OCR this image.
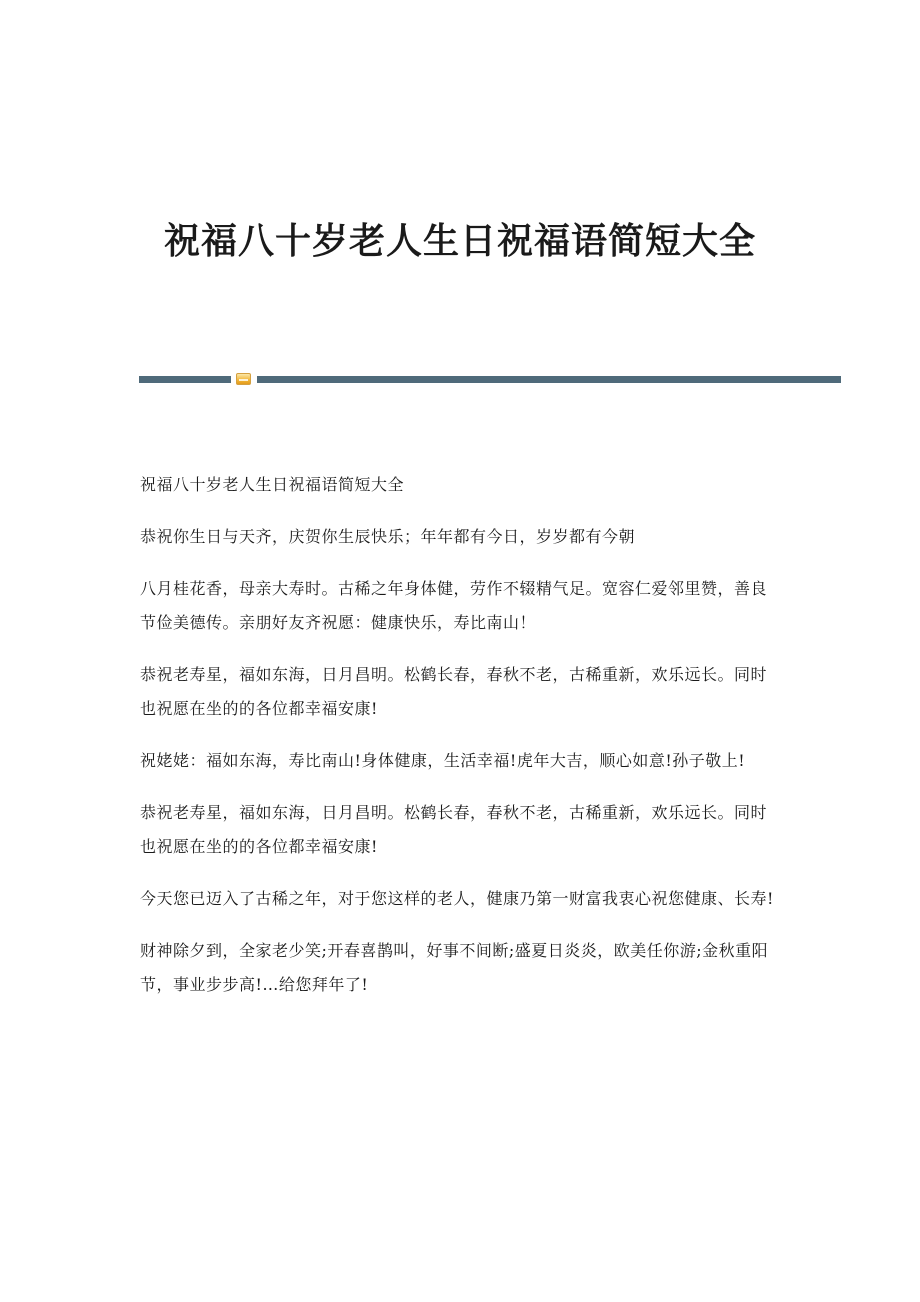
祝福八十岁老人生日祝福语简短大全

祝福八十岁老人生日祝福语简短大全

恭祝你生日与天齐，庆贺你生辰快乐；年年都有今日，岁岁都有今朝

八月桂花香，母亲大寿时。古稀之年身体健，劳作不辍精气足。宽容仁爱邻里赞，善良节俭美德传。亲朋好友齐祝愿：健康快乐，寿比南山！

恭祝老寿星，福如东海，日月昌明。松鹤长春，春秋不老，古稀重新，欢乐远长。同时也祝愿在坐的的各位都幸福安康!

祝姥姥：福如东海，寿比南山!身体健康，生活幸福!虎年大吉，顺心如意!孙子敬上!

恭祝老寿星，福如东海，日月昌明。松鹤长春，春秋不老，古稀重新，欢乐远长。同时也祝愿在坐的的各位都幸福安康!

今天您已迈入了古稀之年，对于您这样的老人，健康乃第一财富我衷心祝您健康、长寿!

财神除夕到，全家老少笑;开春喜鹊叫，好事不间断;盛夏日炎炎，欧美任你游;金秋重阳节，事业步步高!…给您拜年了!
